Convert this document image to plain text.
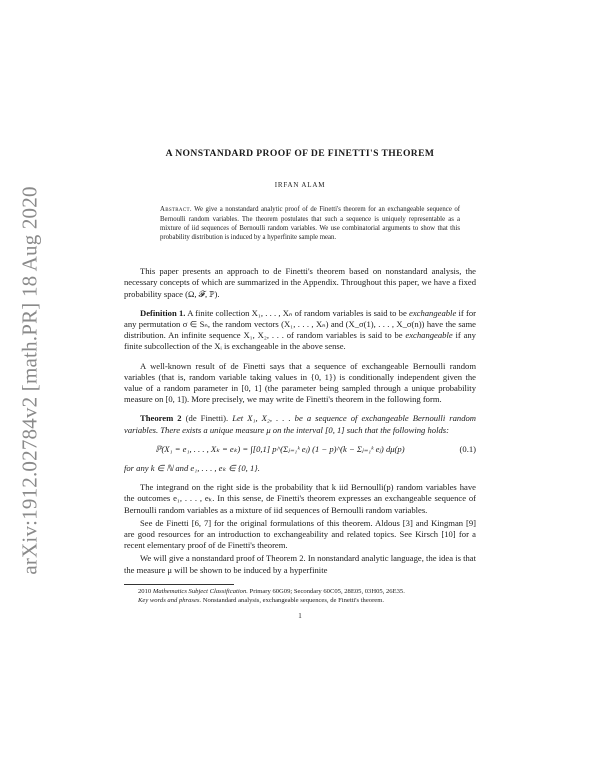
arXiv:1912.02784v2 [math.PR] 18 Aug 2020
A NONSTANDARD PROOF OF DE FINETTI'S THEOREM
IRFAN ALAM
Abstract. We give a nonstandard analytic proof of de Finetti's theorem for an exchangeable sequence of Bernoulli random variables. The theorem postulates that such a sequence is uniquely representable as a mixture of iid sequences of Bernoulli random variables. We use combinatorial arguments to show that this probability distribution is induced by a hyperfinite sample mean.

This paper presents an approach to de Finetti's theorem based on nonstandard analysis, the necessary concepts of which are summarized in the Appendix. Throughout this paper, we have a fixed probability space (Ω, 𝓕, ℙ).

Definition 1. A finite collection X₁, . . . , Xₙ of random variables is said to be exchangeable if for any permutation σ ∈ Sₙ, the random vectors (X₁, . . . , Xₙ) and (X_σ(1), . . . , X_σ(n)) have the same distribution. An infinite sequence X₁, X₂, . . . of random variables is said to be exchangeable if any finite subcollection of the Xᵢ is exchangeable in the above sense.

A well-known result of de Finetti says that a sequence of exchangeable Bernoulli random variables (that is, random variable taking values in {0, 1}) is conditionally independent given the value of a random parameter in [0, 1] (the parameter being sampled through a unique probability measure on [0, 1]). More precisely, we may write de Finetti's theorem in the following form.

Theorem 2 (de Finetti). Let X₁, X₂, . . . be a sequence of exchangeable Bernoulli random variables. There exists a unique measure μ on the interval [0, 1] such that the following holds:

ℙ(X₁ = e₁, . . . , Xₖ = eₖ) = ∫[0,1] p^(Σⱼ₌₁ᵏ eⱼ) (1 − p)^(k − Σⱼ₌₁ᵏ eⱼ) dμ(p)	(0.1)

for any k ∈ ℕ and e₁, . . . , eₖ ∈ {0, 1}.

The integrand on the right side is the probability that k iid Bernoulli(p) random variables have the outcomes e₁, . . . , eₖ. In this sense, de Finetti's theorem expresses an exchangeable sequence of Bernoulli random variables as a mixture of iid sequences of Bernoulli random variables.

See de Finetti [6, 7] for the original formulations of this theorem. Aldous [3] and Kingman [9] are good resources for an introduction to exchangeability and related topics. See Kirsch [10] for a recent elementary proof of de Finetti's theorem.

We will give a nonstandard proof of Theorem 2. In nonstandard analytic language, the idea is that the measure μ will be shown to be induced by a hyperfinite

2010 Mathematics Subject Classification. Primary 60G09; Secondary 60C05, 28E05, 03H05, 26E35.

Key words and phrases. Nonstandard analysis, exchangeable sequences, de Finetti's theorem.

1
